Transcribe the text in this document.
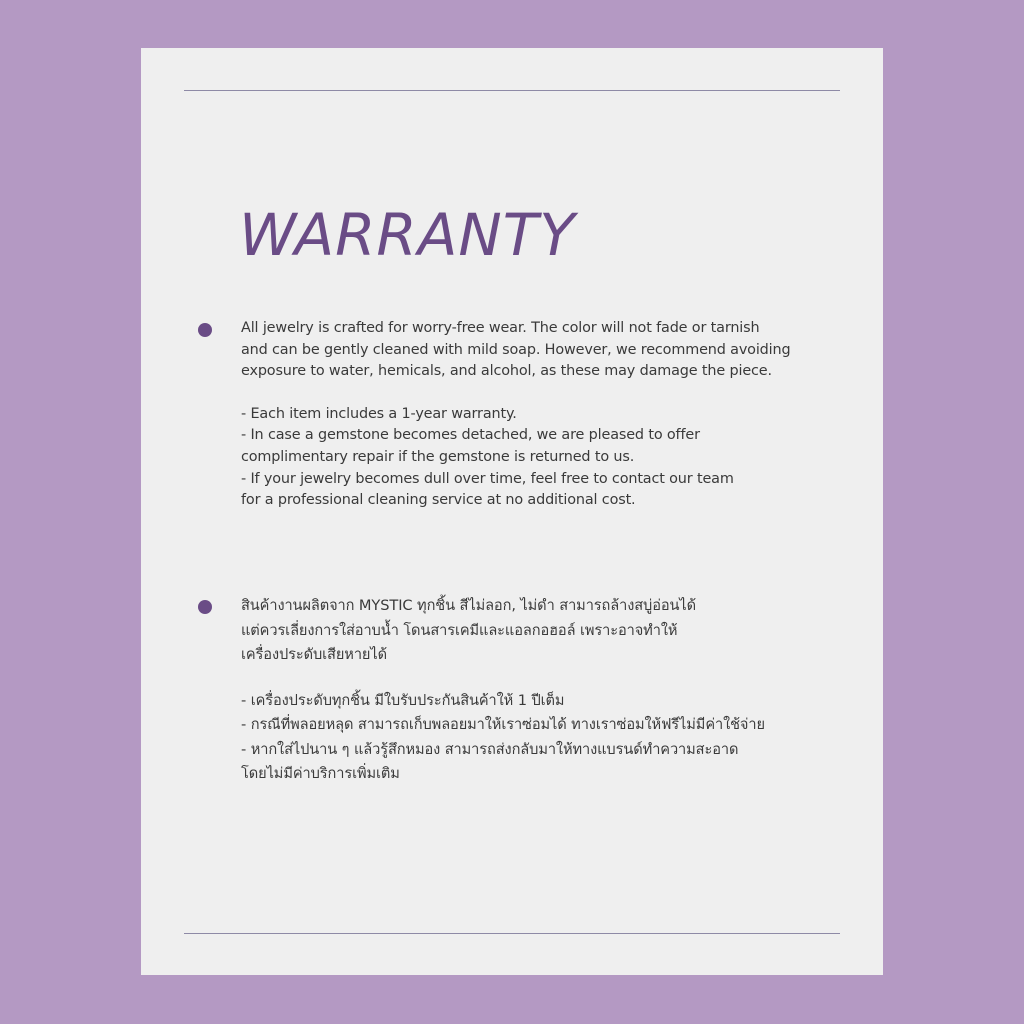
WARRANTY

All jewelry is crafted for worry-free wear. The color will not fade or tarnish
and can be gently cleaned with mild soap. However, we recommend avoiding
exposure to water, hemicals, and alcohol, as these may damage the piece.

- Each item includes a 1-year warranty.
- In case a gemstone becomes detached, we are pleased to offer
complimentary repair if the gemstone is returned to us.
- If your jewelry becomes dull over time, feel free to contact our team
for a professional cleaning service at no additional cost.

สินค้างานผลิตจาก MYSTIC ทุกชิ้น สีไม่ลอก, ไม่ดำ สามารถล้างสบู่อ่อนได้
แต่ควรเลี่ยงการใส่อาบน้ำ โดนสารเคมีและแอลกอฮอล์ เพราะอาจทำให้
เครื่องประดับเสียหายได้

- เครื่องประดับทุกชิ้น มีใบรับประกันสินค้าให้ 1 ปีเต็ม
- กรณีที่พลอยหลุด สามารถเก็บพลอยมาให้เราซ่อมได้ ทางเราซ่อมให้ฟรีไม่มีค่าใช้จ่าย
- หากใส่ไปนาน ๆ แล้วรู้สึกหมอง สามารถส่งกลับมาให้ทางแบรนด์ทำความสะอาด
โดยไม่มีค่าบริการเพิ่มเติม
